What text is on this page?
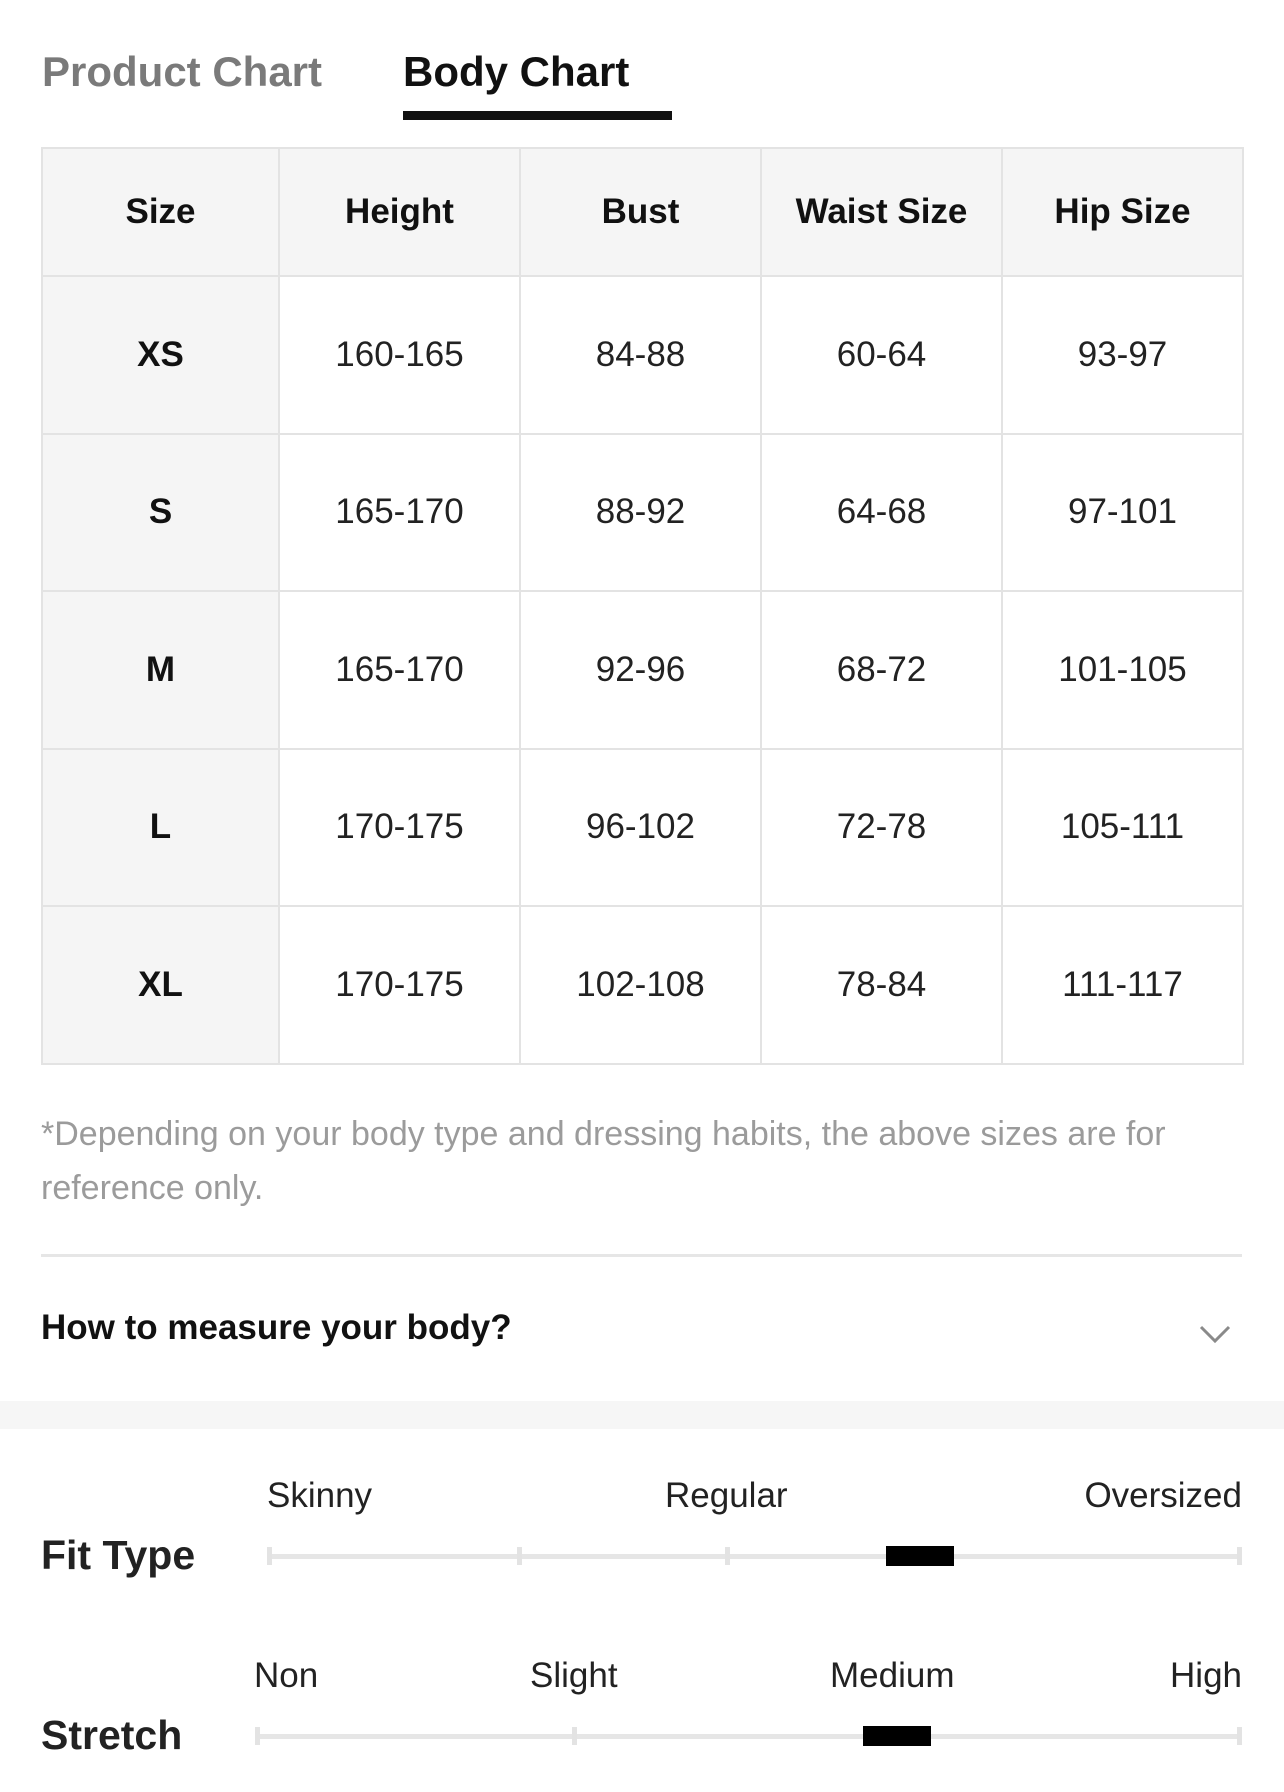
Product Chart Body Chart
Size	Height	Bust	Waist Size	Hip Size
XS	160-165	84-88	60-64	93-97
S	165-170	88-92	64-68	97-101
M	165-170	92-96	68-72	101-105
L	170-175	96-102	72-78	105-111
XL	170-175	102-108	78-84	111-117

*Depending on your body type and dressing habits, the above sizes are for reference only.

How to measure your body?
Skinny	Regular	Oversized
Fit Type
Non	Slight	Medium	High
Stretch
